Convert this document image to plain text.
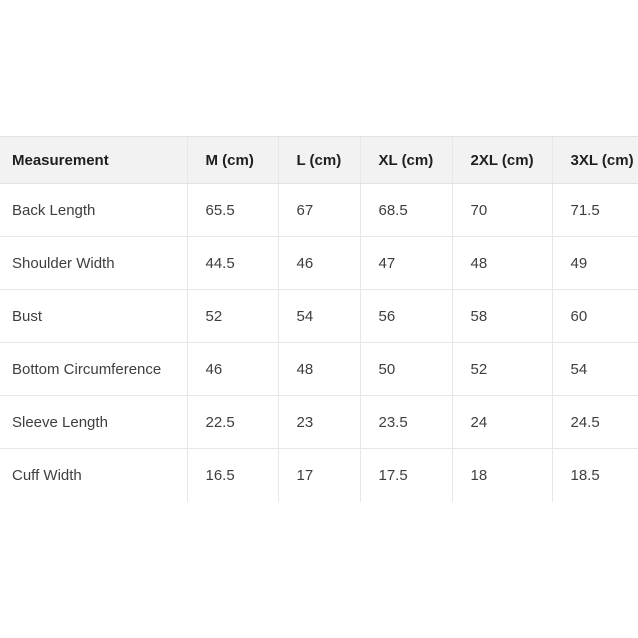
Measurement	M (cm)	L (cm)	XL (cm)	2XL (cm)	3XL (cm)
Back Length	65.5	67	68.5	70	71.5
Shoulder Width	44.5	46	47	48	49
Bust	52	54	56	58	60
Bottom Circumference	46	48	50	52	54
Sleeve Length	22.5	23	23.5	24	24.5
Cuff Width	16.5	17	17.5	18	18.5
